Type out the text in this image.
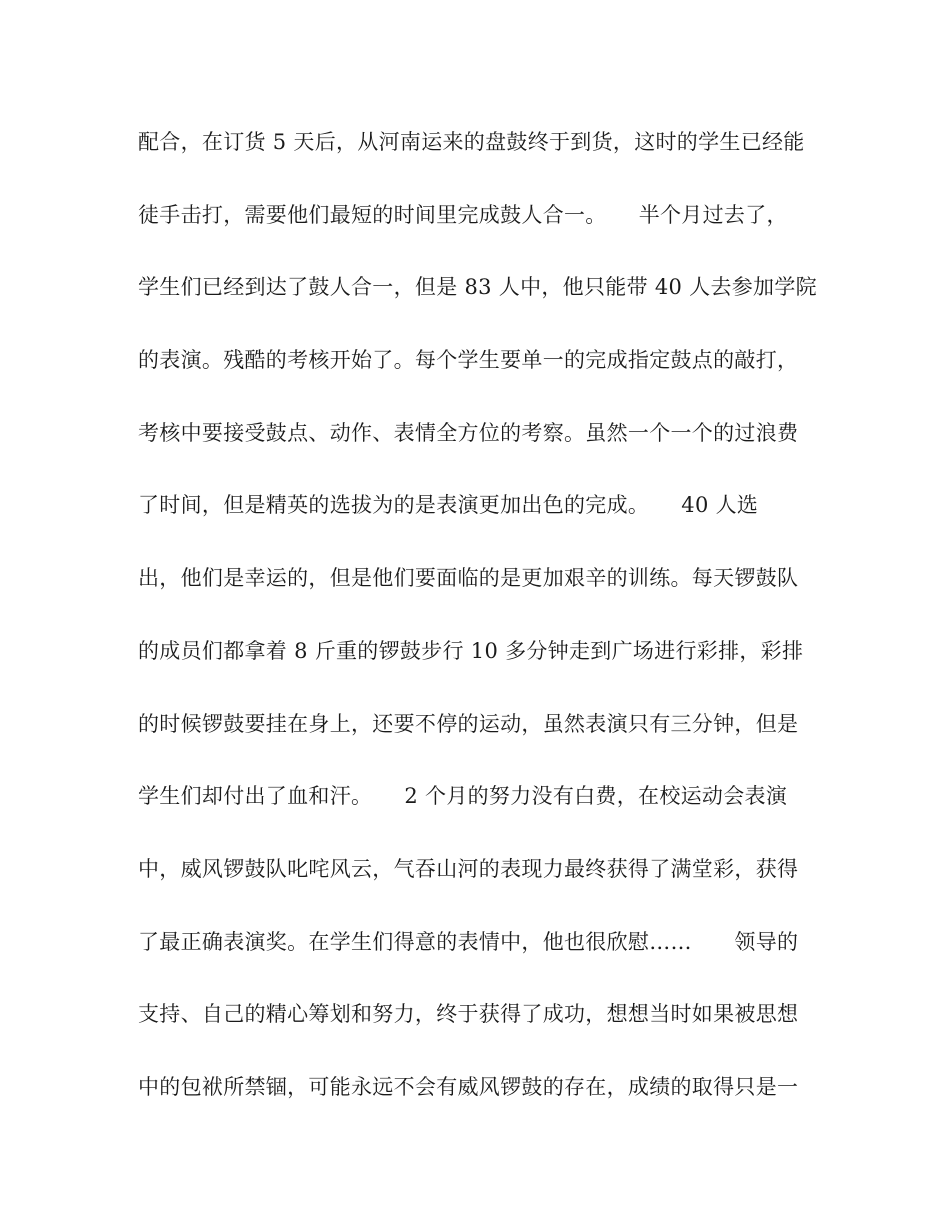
配合，在订货 5 天后，从河南运来的盘鼓终于到货，这时的学生已经能
徒手击打，需要他们最短的时间里完成鼓人合一。　　半个月过去了，
学生们已经到达了鼓人合一，但是 83 人中，他只能带 40 人去参加学院
的表演。残酷的考核开始了。每个学生要单一的完成指定鼓点的敲打，
考核中要接受鼓点、动作、表情全方位的考察。虽然一个一个的过浪费
了时间，但是精英的选拔为的是表演更加出色的完成。　　40 人选
出，他们是幸运的，但是他们要面临的是更加艰辛的训练。每天锣鼓队
的成员们都拿着 8 斤重的锣鼓步行 10 多分钟走到广场进行彩排，彩排
的时候锣鼓要挂在身上，还要不停的运动，虽然表演只有三分钟，但是
学生们却付出了血和汗。　　2 个月的努力没有白费，在校运动会表演
中，威风锣鼓队叱咤风云，气吞山河的表现力最终获得了满堂彩，获得
了最正确表演奖。在学生们得意的表情中，他也很欣慰……　　领导的
支持、自己的精心筹划和努力，终于获得了成功，想想当时如果被思想
中的包袱所禁锢，可能永远不会有威风锣鼓的存在，成绩的取得只是一
